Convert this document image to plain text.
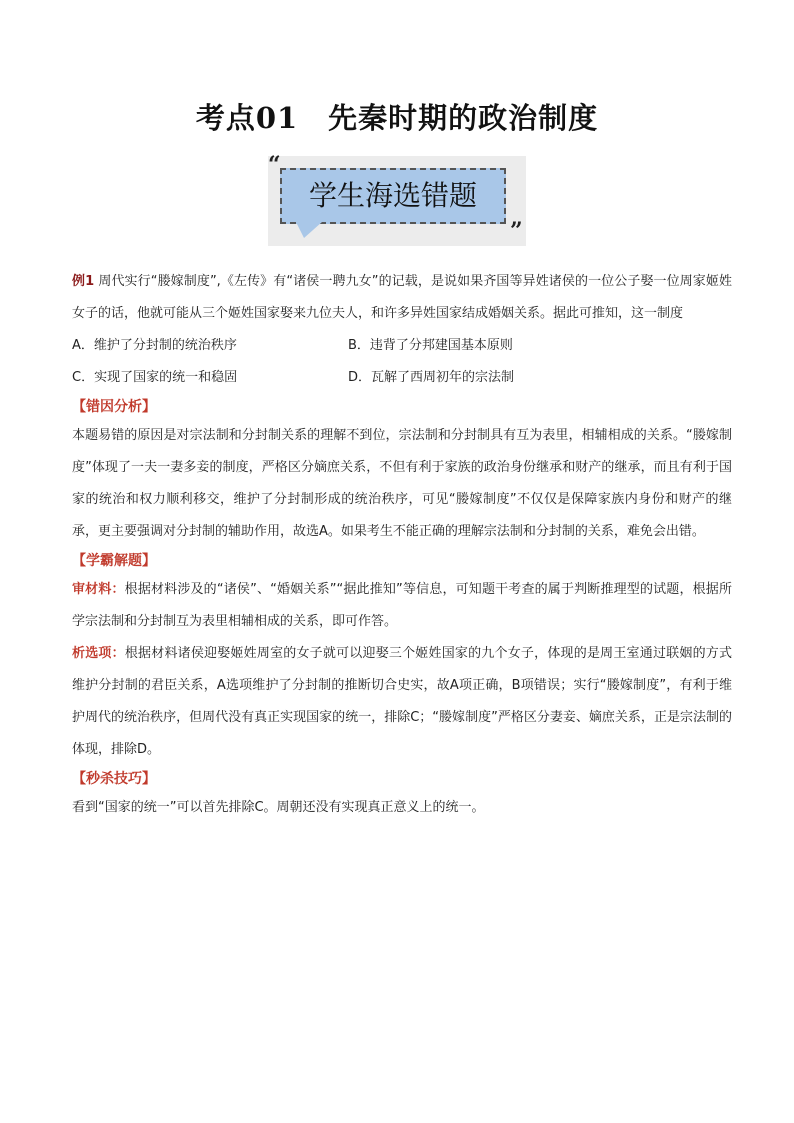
考点01　先秦时期的政治制度
学生海选错题
“
”

例1 周代实行“媵嫁制度”,《左传》有“诸侯一聘九女”的记载，是说如果齐国等异姓诸侯的一位公子娶一位周家姬姓女子的话，他就可能从三个姬姓国家娶来九位夫人，和许多异姓国家结成婚姻关系。据此可推知，这一制度

A．维护了分封制的统治秩序	B．违背了分邦建国基本原则
C．实现了国家的统一和稳固	D．瓦解了西周初年的宗法制

【错因分析】

本题易错的原因是对宗法制和分封制关系的理解不到位，宗法制和分封制具有互为表里，相辅相成的关系。“媵嫁制度”体现了一夫一妻多妾的制度，严格区分嫡庶关系，不但有利于家族的政治身份继承和财产的继承，而且有利于国家的统治和权力顺利移交，维护了分封制形成的统治秩序，可见“媵嫁制度”不仅仅是保障家族内身份和财产的继承，更主要强调对分封制的辅助作用，故选A。如果考生不能正确的理解宗法制和分封制的关系，难免会出错。

【学霸解题】

审材料：根据材料涉及的“诸侯”、“婚姻关系”“据此推知”等信息，可知题干考查的属于判断推理型的试题，根据所学宗法制和分封制互为表里相辅相成的关系，即可作答。

析选项：根据材料诸侯迎娶姬姓周室的女子就可以迎娶三个姬姓国家的九个女子，体现的是周王室通过联姻的方式维护分封制的君臣关系，A选项维护了分封制的推断切合史实，故A项正确，B项错误；实行“媵嫁制度”，有利于维护周代的统治秩序，但周代没有真正实现国家的统一，排除C；“媵嫁制度”严格区分妻妾、嫡庶关系，正是宗法制的体现，排除D。

【秒杀技巧】

看到“国家的统一”可以首先排除C。周朝还没有实现真正意义上的统一。
